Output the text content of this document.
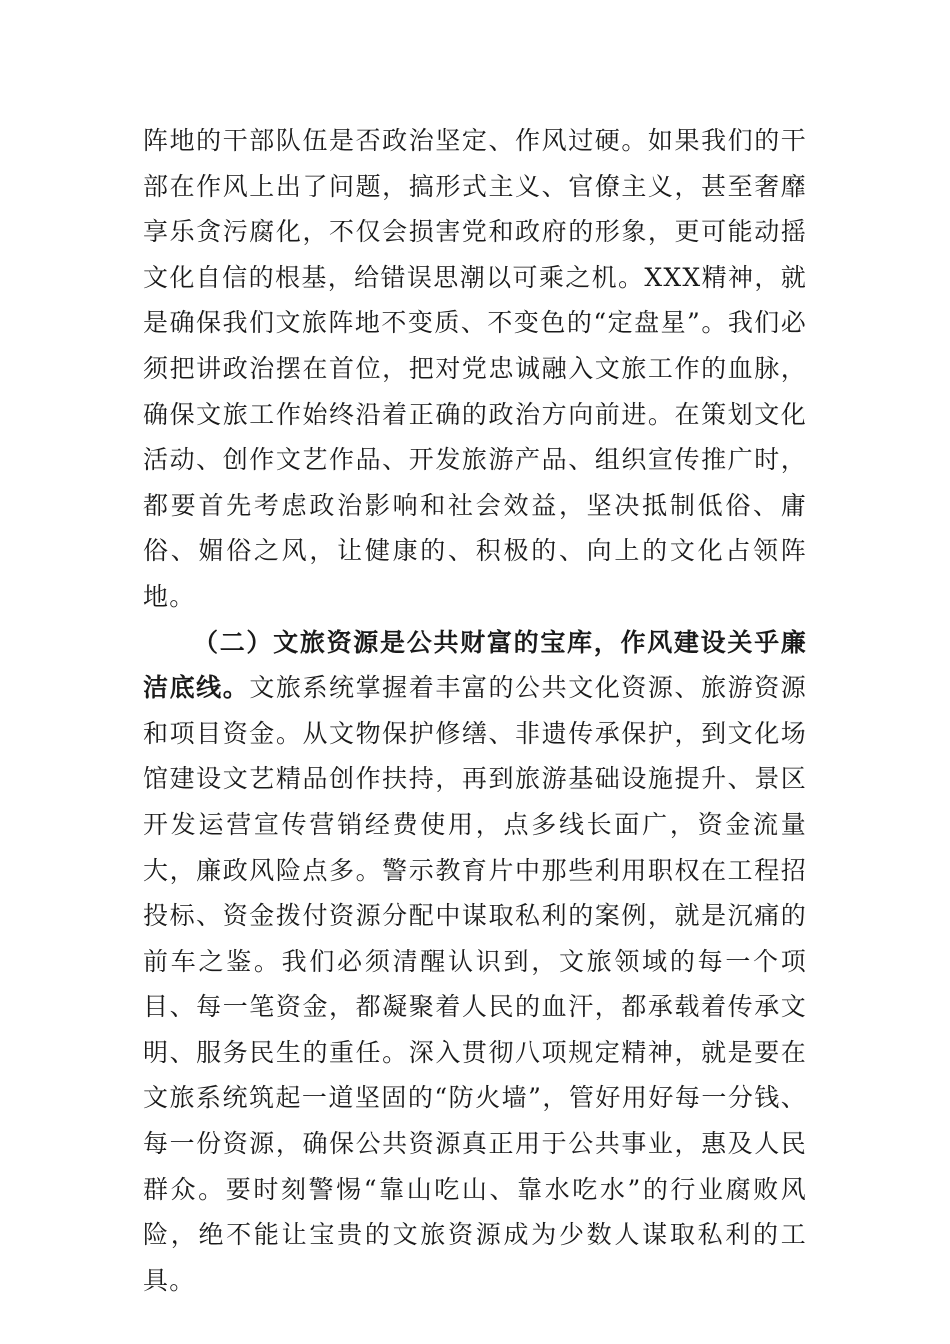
阵地的干部队伍是否政治坚定、作风过硬。如果我们的干部在作风上出了问题，搞形式主义、官僚主义，甚至奢靡享乐贪污腐化，不仅会损害党和政府的形象，更可能动摇文化自信的根基，给错误思潮以可乘之机。XXX精神，就是确保我们文旅阵地不变质、不变色的“定盘星”。我们必须把讲政治摆在首位，把对党忠诚融入文旅工作的血脉，确保文旅工作始终沿着正确的政治方向前进。在策划文化活动、创作文艺作品、开发旅游产品、组织宣传推广时，都要首先考虑政治影响和社会效益，坚决抵制低俗、庸俗、媚俗之风，让健康的、积极的、向上的文化占领阵地。

（二）文旅资源是公共财富的宝库，作风建设关乎廉洁底线。文旅系统掌握着丰富的公共文化资源、旅游资源和项目资金。从文物保护修缮、非遗传承保护，到文化场馆建设文艺精品创作扶持，再到旅游基础设施提升、景区开发运营宣传营销经费使用，点多线长面广，资金流量大，廉政风险点多。警示教育片中那些利用职权在工程招投标、资金拨付资源分配中谋取私利的案例，就是沉痛的前车之鉴。我们必须清醒认识到，文旅领域的每一个项目、每一笔资金，都凝聚着人民的血汗，都承载着传承文明、服务民生的重任。深入贯彻八项规定精神，就是要在文旅系统筑起一道坚固的“防火墙”，管好用好每一分钱、每一份资源，确保公共资源真正用于公共事业，惠及人民群众。要时刻警惕“靠山吃山、靠水吃水”的行业腐败风险，绝不能让宝贵的文旅资源成为少数人谋取私利的工具。
